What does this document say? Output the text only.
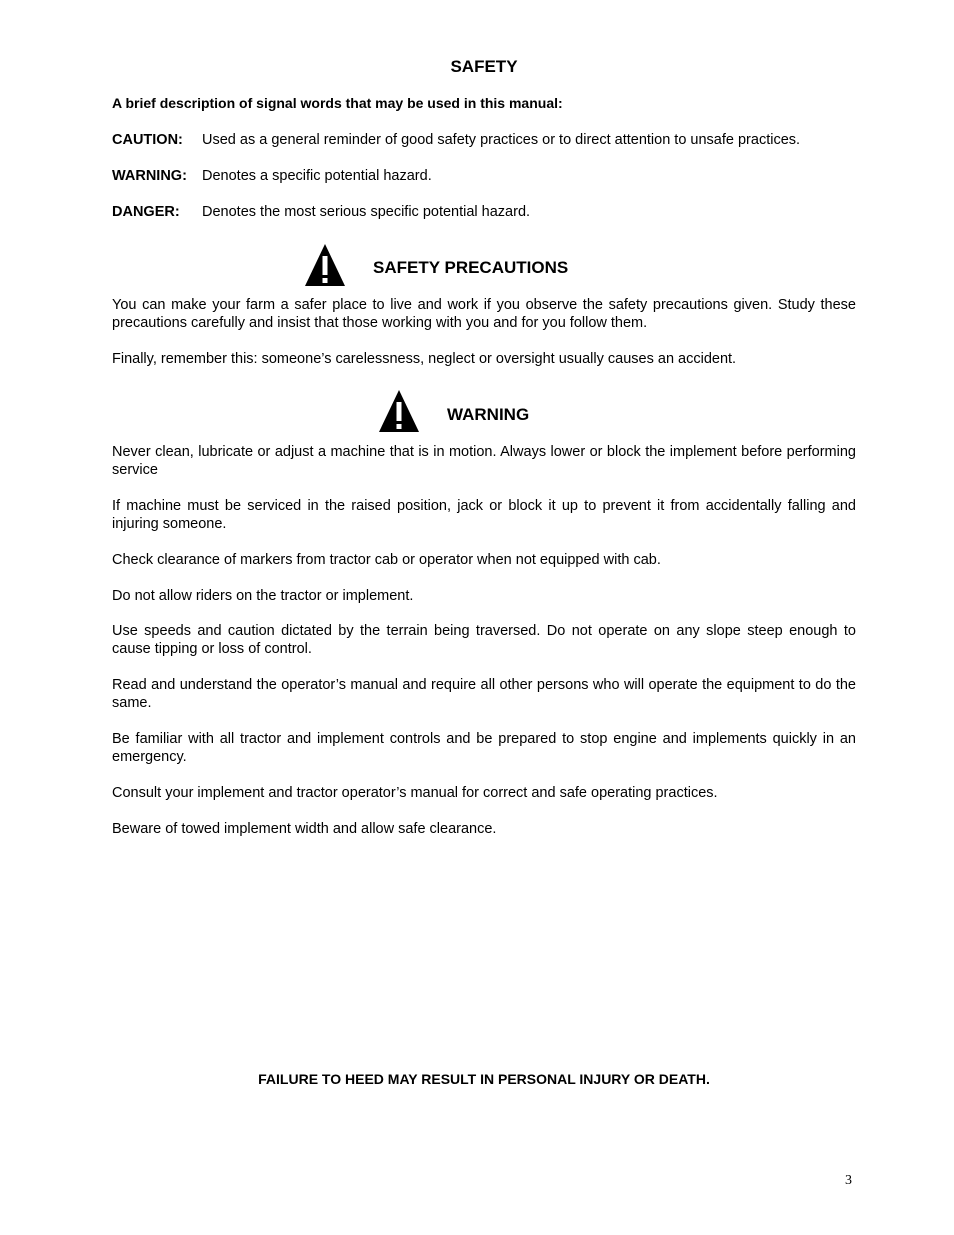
SAFETY
A brief description of signal words that may be used in this manual:
CAUTION: Used as a general reminder of good safety practices or to direct attention to unsafe practices.
WARNING: Denotes a specific potential hazard.
DANGER: Denotes the most serious specific potential hazard.
SAFETY PRECAUTIONS
You can make your farm a safer place to live and work if you observe the safety precautions given. Study these precautions carefully and insist that those working with you and for you follow them.
Finally, remember this: someone’s carelessness, neglect or oversight usually causes an accident.
WARNING
Never clean, lubricate or adjust a machine that is in motion. Always lower or block the implement before performing service
If machine must be serviced in the raised position, jack or block it up to prevent it from accidentally falling and injuring someone.
Check clearance of markers from tractor cab or operator when not equipped with cab.
Do not allow riders on the tractor or implement.
Use speeds and caution dictated by the terrain being traversed. Do not operate on any slope steep enough to cause tipping or loss of control.
Read and understand the operator’s manual and require all other persons who will operate the equipment to do the same.
Be familiar with all tractor and implement controls and be prepared to stop engine and implements quickly in an emergency.
Consult your implement and tractor operator’s manual for correct and safe operating practices.
Beware of towed implement width and allow safe clearance.
FAILURE TO HEED MAY RESULT IN PERSONAL INJURY OR DEATH.
3
